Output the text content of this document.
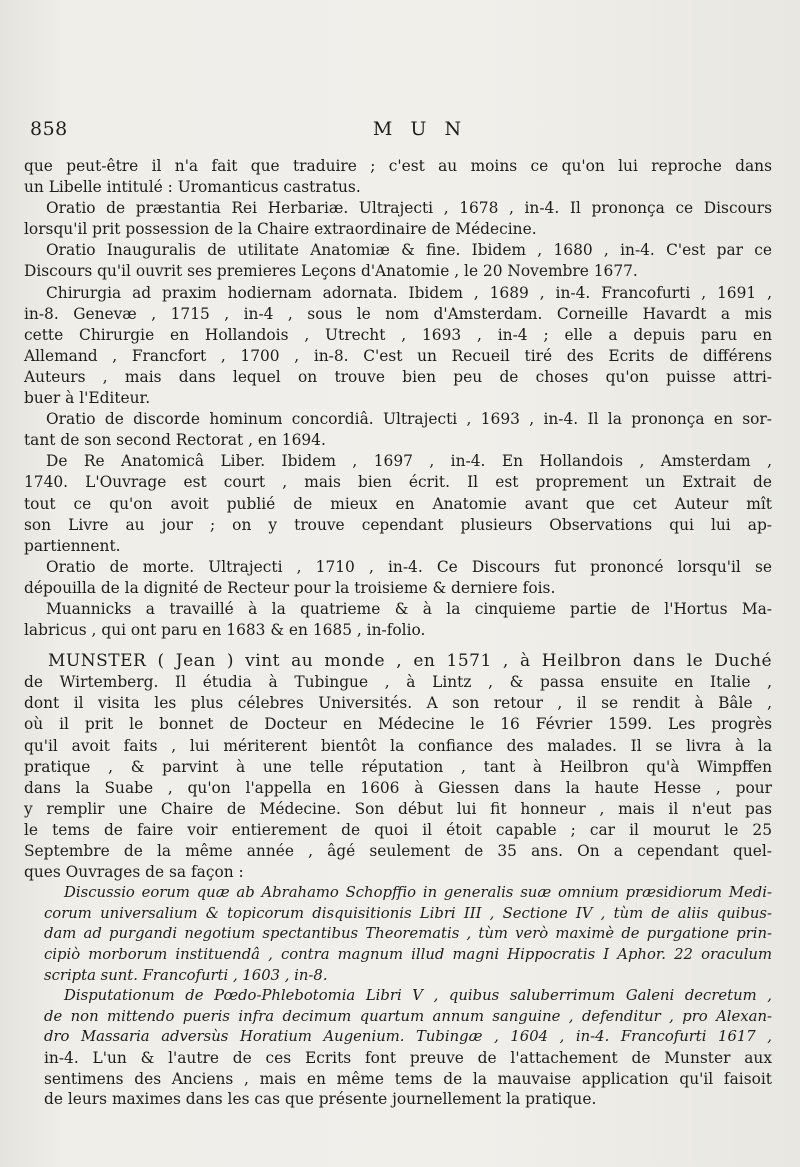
858	M U N
que peut-être il n'a fait que traduire ; c'est au moins ce qu'on lui reproche dans
un Libelle intitulé : Uromanticus castratus.
Oratio de præstantia Rei Herbariæ. Ultrajecti , 1678 , in-4. Il prononça ce Discours
lorsqu'il prit possession de la Chaire extraordinaire de Médecine.
Oratio Inauguralis de utilitate Anatomiæ & fine. Ibidem , 1680 , in-4. C'est par ce
Discours qu'il ouvrit ses premieres Leçons d'Anatomie , le 20 Novembre 1677.
Chirurgia ad praxim hodiernam adornata. Ibidem , 1689 , in-4. Francofurti , 1691 ,
in-8. Genevæ , 1715 , in-4 , sous le nom d'Amsterdam. Corneille Havardt a mis
cette Chirurgie en Hollandois , Utrecht , 1693 , in-4 ; elle a depuis paru en
Allemand , Francfort , 1700 , in-8. C'est un Recueil tiré des Ecrits de différens
Auteurs , mais dans lequel on trouve bien peu de choses qu'on puisse attri-
buer à l'Editeur.
Oratio de discorde hominum concordiâ. Ultrajecti , 1693 , in-4. Il la prononça en sor-
tant de son second Rectorat , en 1694.
De Re Anatomicâ Liber. Ibidem , 1697 , in-4. En Hollandois , Amsterdam ,
1740. L'Ouvrage est court , mais bien écrit. Il est proprement un Extrait de
tout ce qu'on avoit publié de mieux en Anatomie avant que cet Auteur mît
son Livre au jour ; on y trouve cependant plusieurs Observations qui lui ap-
partiennent.
Oratio de morte. Ultrajecti , 1710 , in-4. Ce Discours fut prononcé lorsqu'il se
dépouilla de la dignité de Recteur pour la troisieme & derniere fois.
Muannicks a travaillé à la quatrieme & à la cinquieme partie de l'Hortus Ma-
labricus , qui ont paru en 1683 & en 1685 , in-folio.
MUNSTER ( Jean ) vint au monde , en 1571 , à Heilbron dans le Duché
de Wirtemberg. Il étudia à Tubingue , à Lintz , & passa ensuite en Italie ,
dont il visita les plus célebres Universités. A son retour , il se rendit à Bâle ,
où il prit le bonnet de Docteur en Médecine le 16 Février 1599. Les progrès
qu'il avoit faits , lui mériterent bientôt la confiance des malades. Il se livra à la
pratique , & parvint à une telle réputation , tant à Heilbron qu'à Wimpffen
dans la Suabe , qu'on l'appella en 1606 à Giessen dans la haute Hesse , pour
y remplir une Chaire de Médecine. Son début lui fit honneur , mais il n'eut pas
le tems de faire voir entierement de quoi il étoit capable ; car il mourut le 25
Septembre de la même année , âgé seulement de 35 ans. On a cependant quel-
ques Ouvrages de sa façon :
Discussio eorum quæ ab Abrahamo Schopffio in generalis suæ omnium præsidiorum Medi-
corum universalium & topicorum disquisitionis Libri III , Sectione IV , tùm de aliis quibus-
dam ad purgandi negotium spectantibus Theorematis , tùm verò maximè de purgatione prin-
cipiò morborum instituendâ , contra magnum illud magni Hippocratis I Aphor. 22 oraculum
scripta sunt. Francofurti , 1603 , in-8.
Disputationum de Pœdo-Phlebotomia Libri V , quibus saluberrimum Galeni decretum ,
de non mittendo pueris infra decimum quartum annum sanguine , defenditur , pro Alexan-
dro Massaria adversùs Horatium Augenium. Tubingæ , 1604 , in-4. Francofurti 1617 ,
in-4. L'un & l'autre de ces Ecrits font preuve de l'attachement de Munster aux
sentimens des Anciens , mais en même tems de la mauvaise application qu'il faisoit
de leurs maximes dans les cas que présente journellement la pratique.
